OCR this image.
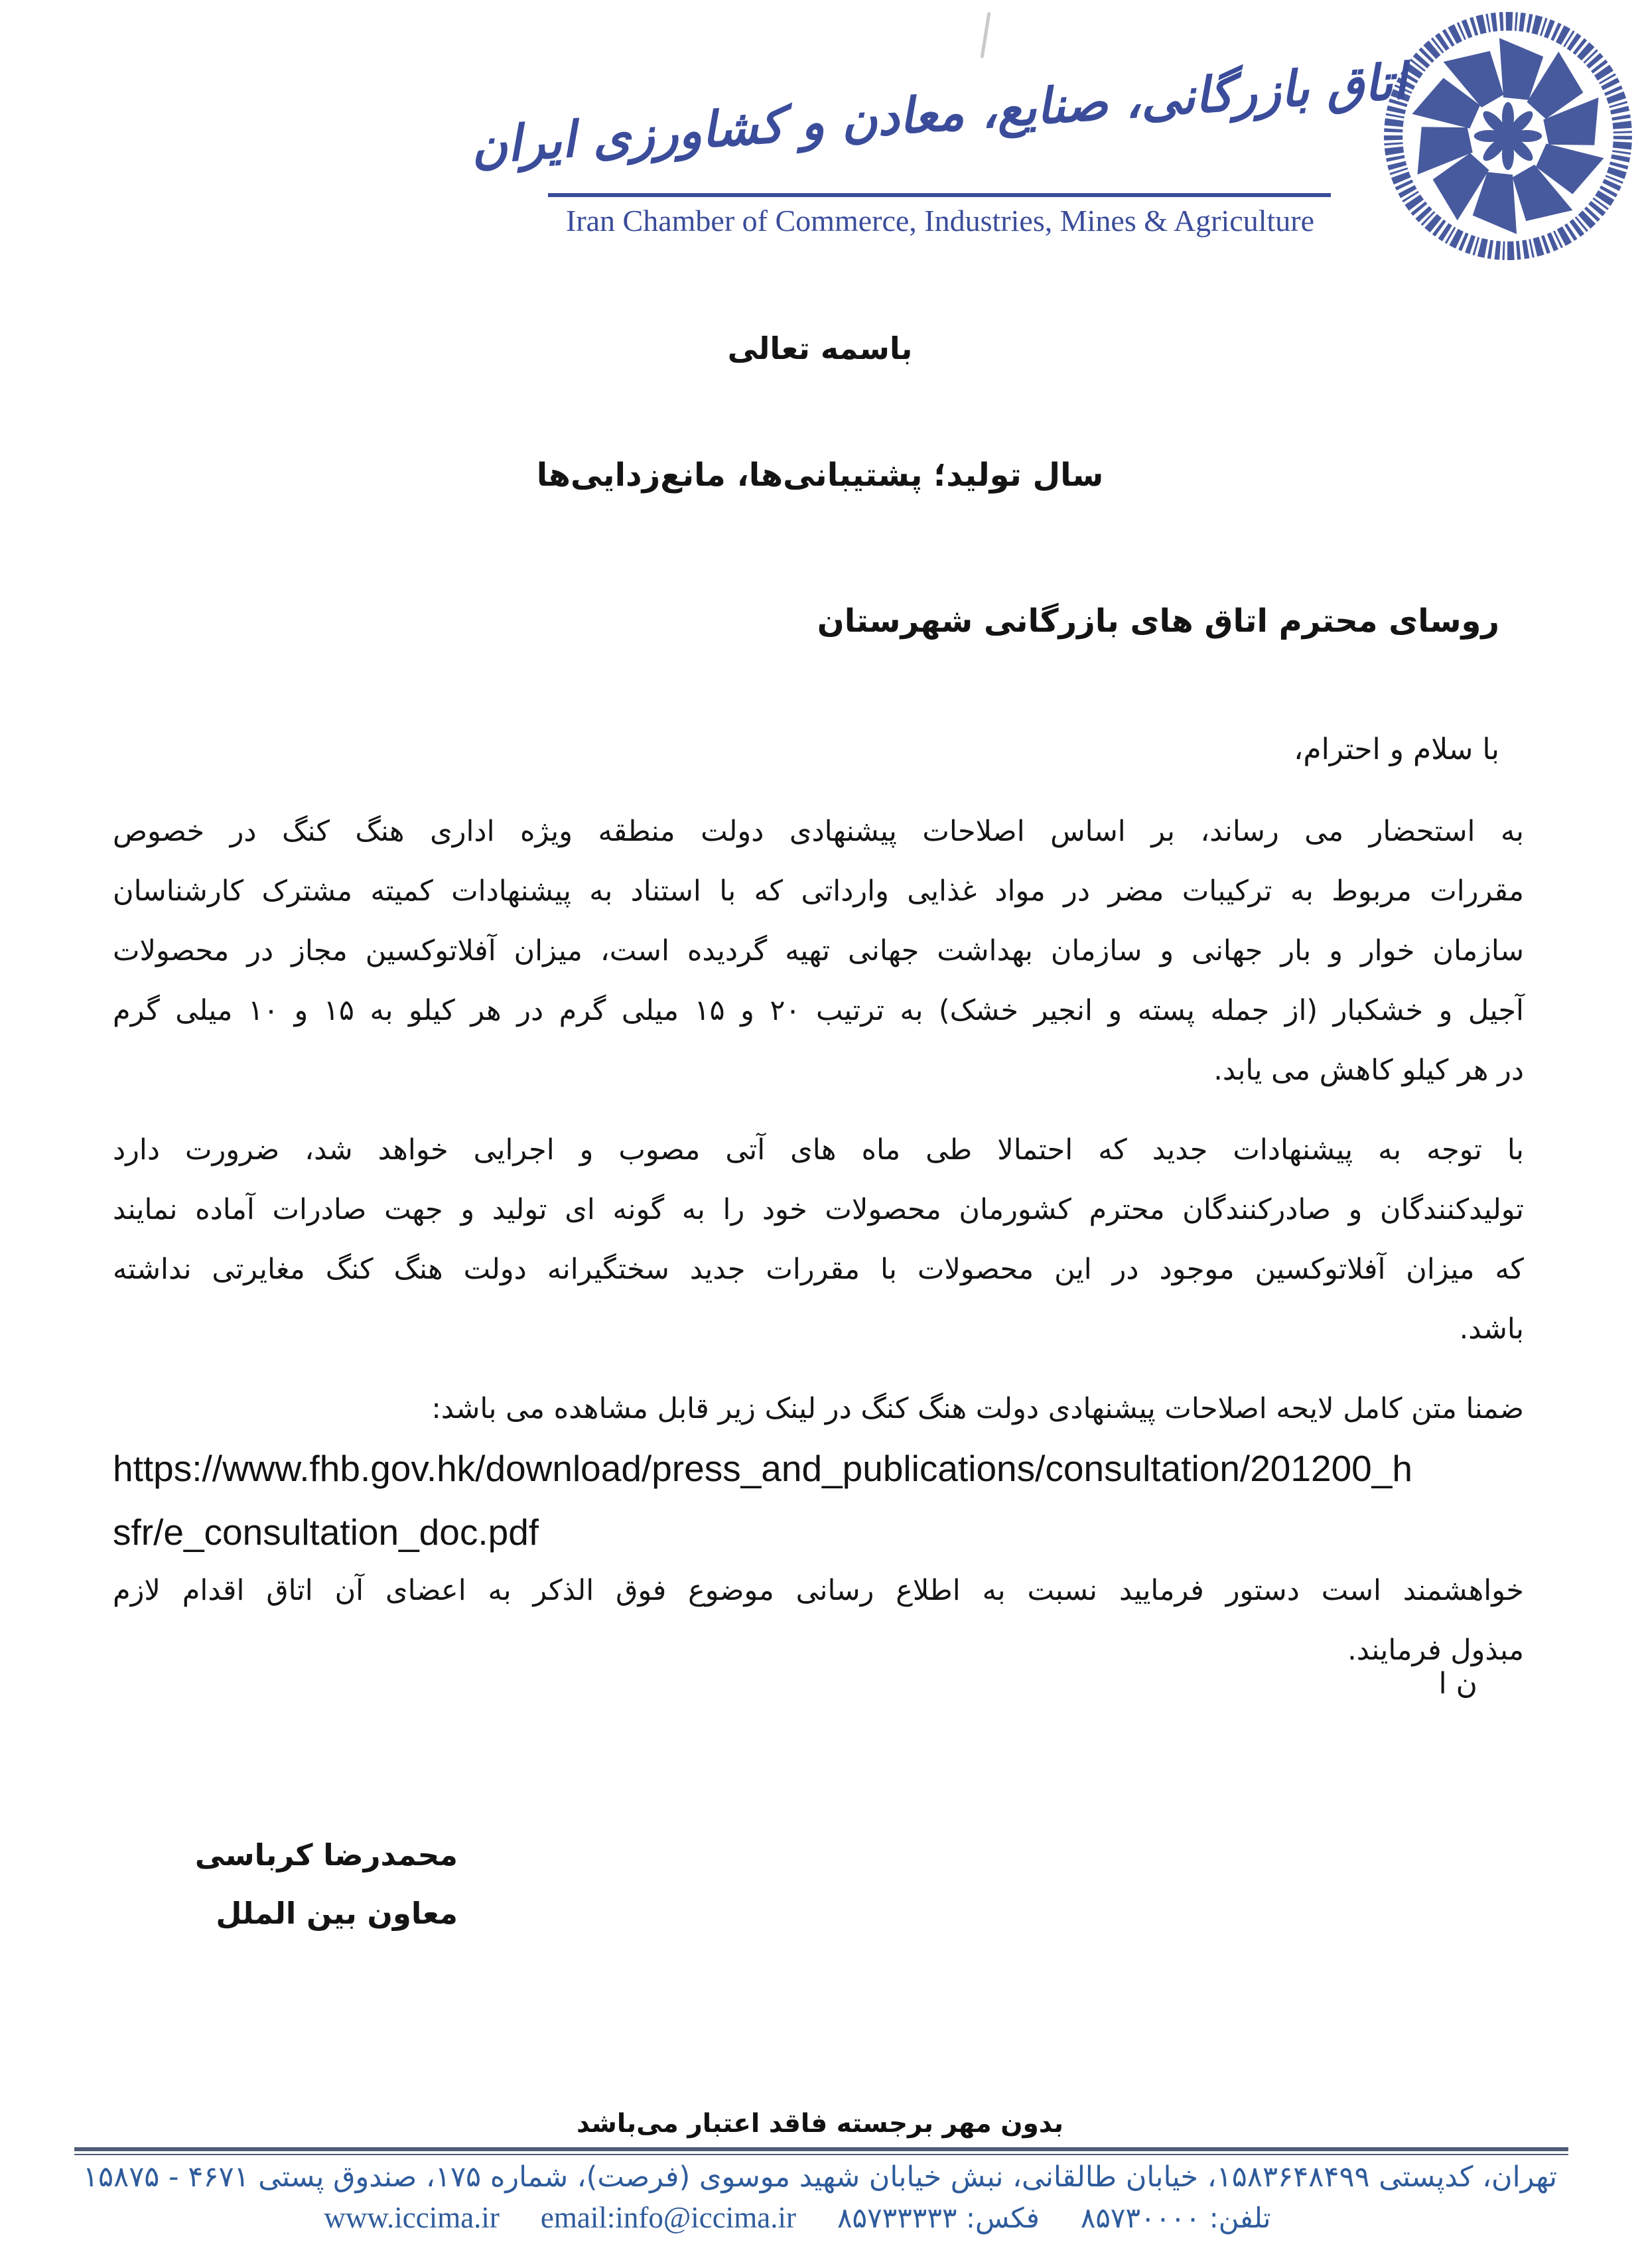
اتاق بازرگانی، صنایع، معادن و کشاورزی ایران
Iran Chamber of Commerce, Industries, Mines & Agriculture
باسمه تعالی
سال تولید؛ پشتیبانی‌ها، مانع‌زدایی‌ها
روسای محترم اتاق های بازرگانی شهرستان
با سلام و احترام،
به استحضار می رساند، بر اساس اصلاحات پیشنهادی دولت منطقه ویژه اداری هنگ کنگ در خصوص
مقررات مربوط به ترکیبات مضر در مواد غذایی وارداتی که با استناد به پیشنهادات کمیته مشترک کارشناسان
سازمان خوار و بار جهانی و سازمان بهداشت جهانی تهیه گردیده است، میزان آفلاتوکسین مجاز در محصولات
آجیل و خشکبار (از جمله پسته و انجیر خشک) به ترتیب ۲۰ و ۱۵ میلی گرم در هر کیلو به ۱۵ و ۱۰ میلی گرم
در هر کیلو کاهش می یابد.
با توجه به پیشنهادات جدید که احتمالا طی ماه های آتی مصوب و اجرایی خواهد شد، ضرورت دارد
تولیدکنندگان و صادرکنندگان محترم کشورمان محصولات خود را به گونه ای تولید و جهت صادرات آماده نمایند
که میزان آفلاتوکسین موجود در این محصولات با مقررات جدید سختگیرانه دولت هنگ کنگ مغایرتی نداشته
باشد.
ضمنا متن کامل لایحه اصلاحات پیشنهادی دولت هنگ کنگ در لینک زیر قابل مشاهده می باشد:
https://www.fhb.gov.hk/download/press_and_publications/consultation/201200_h
sfr/e_consultation_doc.pdf
خواهشمند است دستور فرمایید نسبت به اطلاع رسانی موضوع فوق الذکر به اعضای آن اتاق اقدام لازم
مبذول فرمایند.
ن ا
محمدرضا کرباسی
معاون بین الملل
بدون مهر برجسته فاقد اعتبار می‌باشد
تهران، کدپستی ۱۵۸۳۶۴۸۴۹۹، خیابان طالقانی، نبش خیابان شهید موسوی (فرصت)، شماره ۱۷۵، صندوق پستی ۴۶۷۱ - ۱۵۸۷۵
تلفن: ۸۵۷۳۰۰۰۰
فکس: ۸۵۷۳۳۳۳۳
email:info@iccima.ir
www.iccima.ir
